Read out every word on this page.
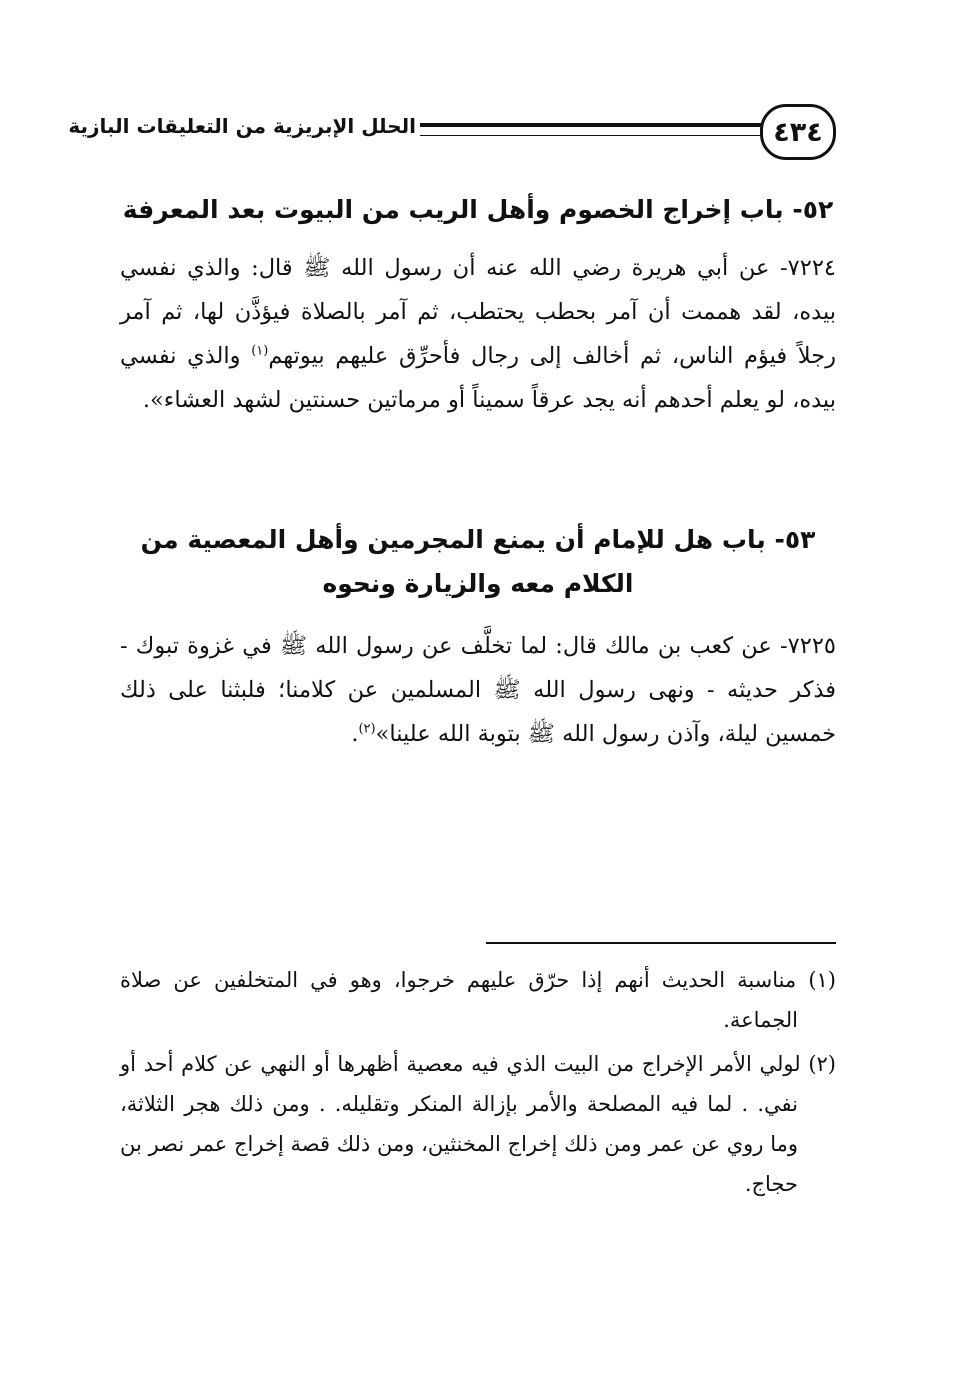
٤٣٤
الحلل الإبريزية من التعليقات البازية
٥٢- باب إخراج الخصوم وأهل الريب من البيوت بعد المعرفة

٧٢٢٤- عن أبي هريرة رضي الله عنه أن رسول الله ﷺ قال: والذي نفسي بيده، لقد هممت أن آمر بحطب يحتطب، ثم آمر بالصلاة فيؤذَّن لها، ثم آمر رجلاً فيؤم الناس، ثم أخالف إلى رجال فأحرِّق عليهم بيوتهم$^{(١)}$ والذي نفسي بيده، لو يعلم أحدهم أنه يجد عرقاً سميناً أو مرماتين حسنتين لشهد العشاء».

٥٣- باب هل للإمام أن يمنع المجرمين وأهل المعصية من الكلام معه والزيارة ونحوه

٧٢٢٥- عن كعب بن مالك قال: لما تخلَّف عن رسول الله ﷺ في غزوة تبوك - فذكر حديثه - ونهى رسول الله ﷺ المسلمين عن كلامنا؛ فلبثنا على ذلك خمسين ليلة، وآذن رسول الله ﷺ بتوبة الله علينا»$^{(٢)}$.

(١) مناسبة الحديث أنهم إذا حرّق عليهم خرجوا، وهو في المتخلفين عن صلاة الجماعة.

(٢) لولي الأمر الإخراج من البيت الذي فيه معصية أظهرها أو النهي عن كلام أحد أو نفي. . لما فيه المصلحة والأمر بإزالة المنكر وتقليله. . ومن ذلك هجر الثلاثة، وما روي عن عمر ومن ذلك إخراج المخنثين، ومن ذلك قصة إخراج عمر نصر بن حجاج.
